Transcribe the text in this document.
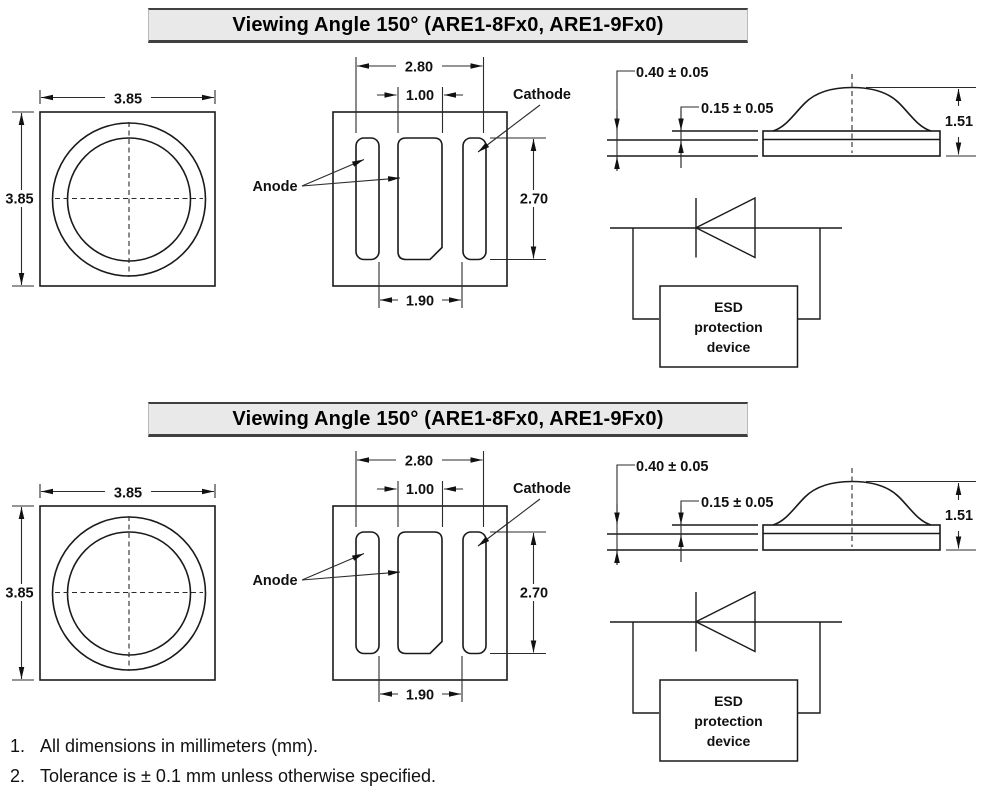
Viewing Angle 150° (ARE1-8Fx0, ARE1-9Fx0)
3.85
3.85
2.80
1.00
1.90
2.70
Cathode
Anode
0.40 ± 0.05
0.15 ± 0.05
1.51
ESD
protection
device
Viewing Angle 150° (ARE1-8Fx0, ARE1-9Fx0)
3.85
3.85
2.80
1.00
1.90
2.70
Cathode
Anode
0.40 ± 0.05
0.15 ± 0.05
1.51
ESD
protection
device
1. All dimensions in millimeters (mm).
2. Tolerance is ± 0.1 mm unless otherwise specified.
